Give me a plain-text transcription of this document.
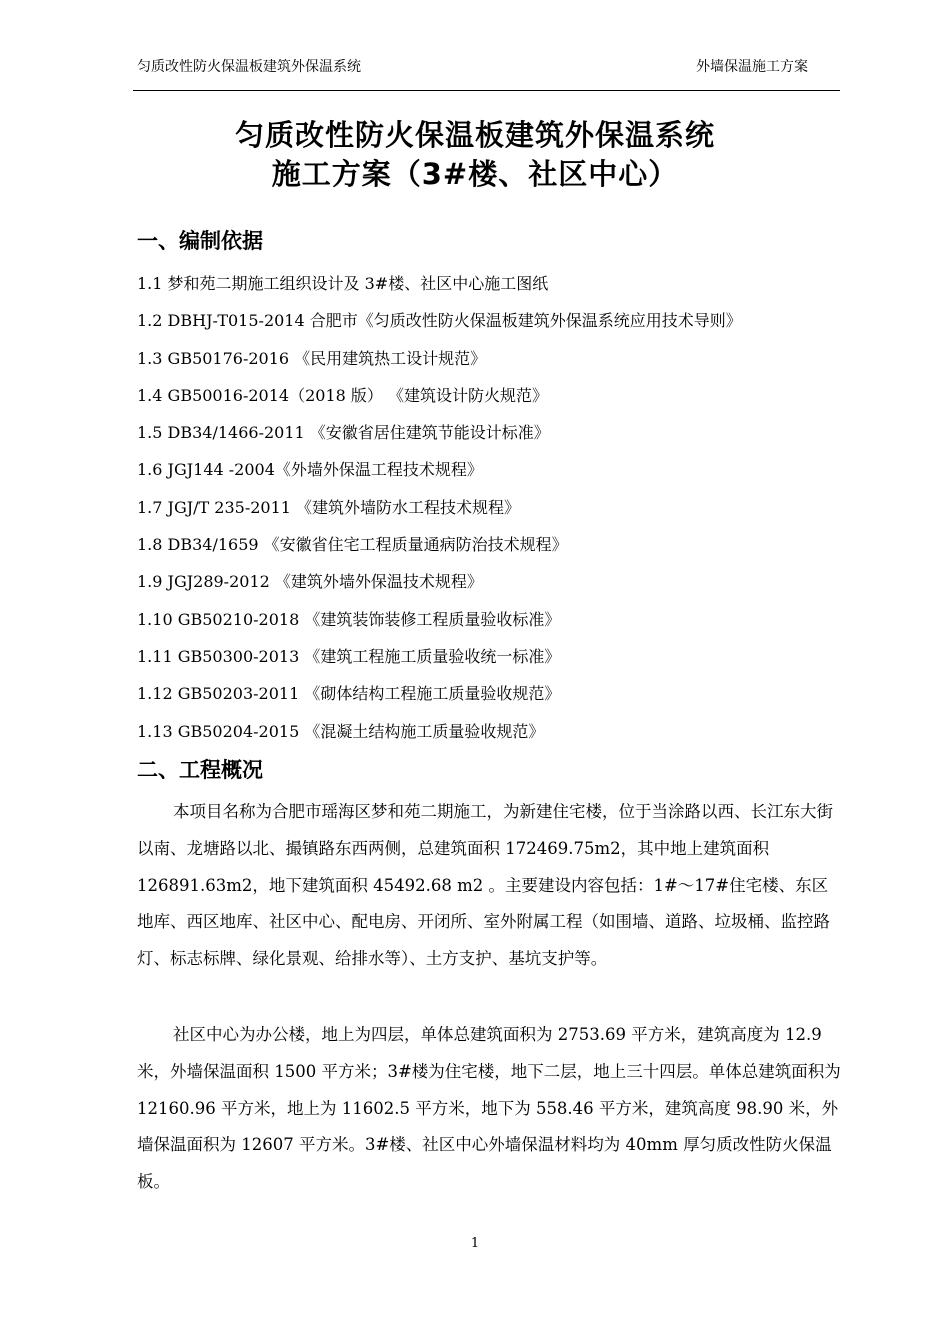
匀质改性防火保温板建筑外保温系统	外墙保温施工方案
匀质改性防火保温板建筑外保温系统
施工方案（3#楼、社区中心）
一、编制依据
1.1 梦和苑二期施工组织设计及 3#楼、社区中心施工图纸
1.2 DBHJ-T015-2014 合肥市《匀质改性防火保温板建筑外保温系统应用技术导则》
1.3 GB50176-2016 《民用建筑热工设计规范》
1.4 GB50016-2014（2018 版） 《建筑设计防火规范》
1.5 DB34/1466-2011 《安徽省居住建筑节能设计标准》
1.6 JGJ144 -2004《外墙外保温工程技术规程》
1.7 JGJ/T 235-2011 《建筑外墙防水工程技术规程》
1.8 DB34/1659 《安徽省住宅工程质量通病防治技术规程》
1.9 JGJ289-2012 《建筑外墙外保温技术规程》
1.10 GB50210-2018 《建筑装饰装修工程质量验收标准》
1.11 GB50300-2013 《建筑工程施工质量验收统一标准》
1.12 GB50203-2011 《砌体结构工程施工质量验收规范》
1.13 GB50204-2015 《混凝土结构施工质量验收规范》
二、工程概况

本项目名称为合肥市瑶海区梦和苑二期施工，为新建住宅楼，位于当涂路以西、长江东大街以南、龙塘路以北、撮镇路东西两侧，总建筑面积 172469.75m2，其中地上建筑面积 126891.63m2，地下建筑面积 45492.68 m2 。主要建设内容包括：1#～17#住宅楼、东区地库、西区地库、社区中心、配电房、开闭所、室外附属工程（如围墙、道路、垃圾桶、监控路灯、标志标牌、绿化景观、给排水等）、土方支护、基坑支护等。

社区中心为办公楼，地上为四层，单体总建筑面积为 2753.69 平方米，建筑高度为 12.9 米，外墙保温面积 1500 平方米；3#楼为住宅楼，地下二层，地上三十四层。单体总建筑面积为 12160.96 平方米，地上为 11602.5 平方米，地下为 558.46 平方米，建筑高度 98.90 米，外墙保温面积为 12607 平方米。3#楼、社区中心外墙保温材料均为 40mm 厚匀质改性防火保温板。

1
